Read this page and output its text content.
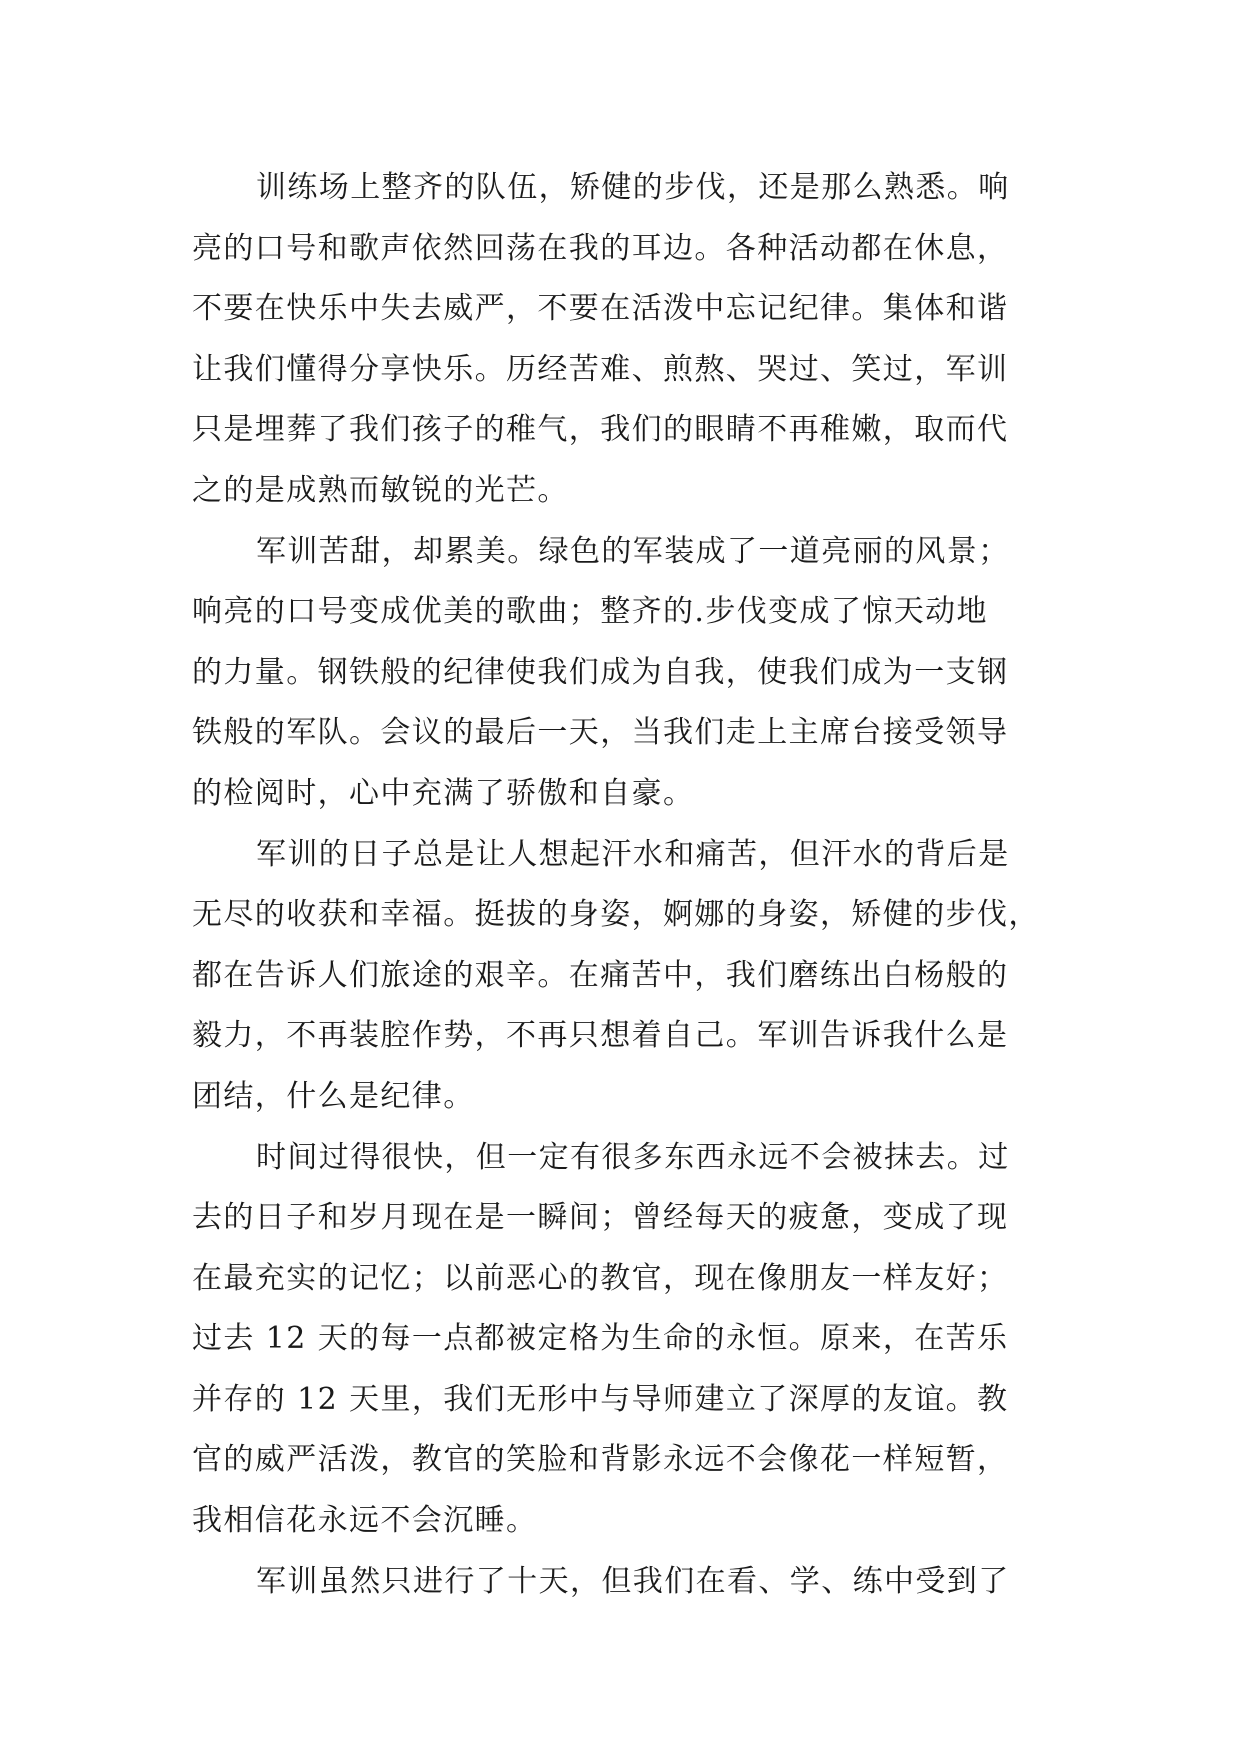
训练场上整齐的队伍，矫健的步伐，还是那么熟悉。响
亮的口号和歌声依然回荡在我的耳边。各种活动都在休息，
不要在快乐中失去威严，不要在活泼中忘记纪律。集体和谐
让我们懂得分享快乐。历经苦难、煎熬、哭过、笑过，军训
只是埋葬了我们孩子的稚气，我们的眼睛不再稚嫩，取而代
之的是成熟而敏锐的光芒。
军训苦甜，却累美。绿色的军装成了一道亮丽的风景；
响亮的口号变成优美的歌曲；整齐的.步伐变成了惊天动地
的力量。钢铁般的纪律使我们成为自我，使我们成为一支钢
铁般的军队。会议的最后一天，当我们走上主席台接受领导
的检阅时，心中充满了骄傲和自豪。
军训的日子总是让人想起汗水和痛苦，但汗水的背后是
无尽的收获和幸福。挺拔的身姿，婀娜的身姿，矫健的步伐，
都在告诉人们旅途的艰辛。在痛苦中，我们磨练出白杨般的
毅力，不再装腔作势，不再只想着自己。军训告诉我什么是
团结，什么是纪律。
时间过得很快，但一定有很多东西永远不会被抹去。过
去的日子和岁月现在是一瞬间；曾经每天的疲惫，变成了现
在最充实的记忆；以前恶心的教官，现在像朋友一样友好；
过去 12 天的每一点都被定格为生命的永恒。原来，在苦乐
并存的 12 天里，我们无形中与导师建立了深厚的友谊。教
官的威严活泼，教官的笑脸和背影永远不会像花一样短暂，
我相信花永远不会沉睡。
军训虽然只进行了十天，但我们在看、学、练中受到了
